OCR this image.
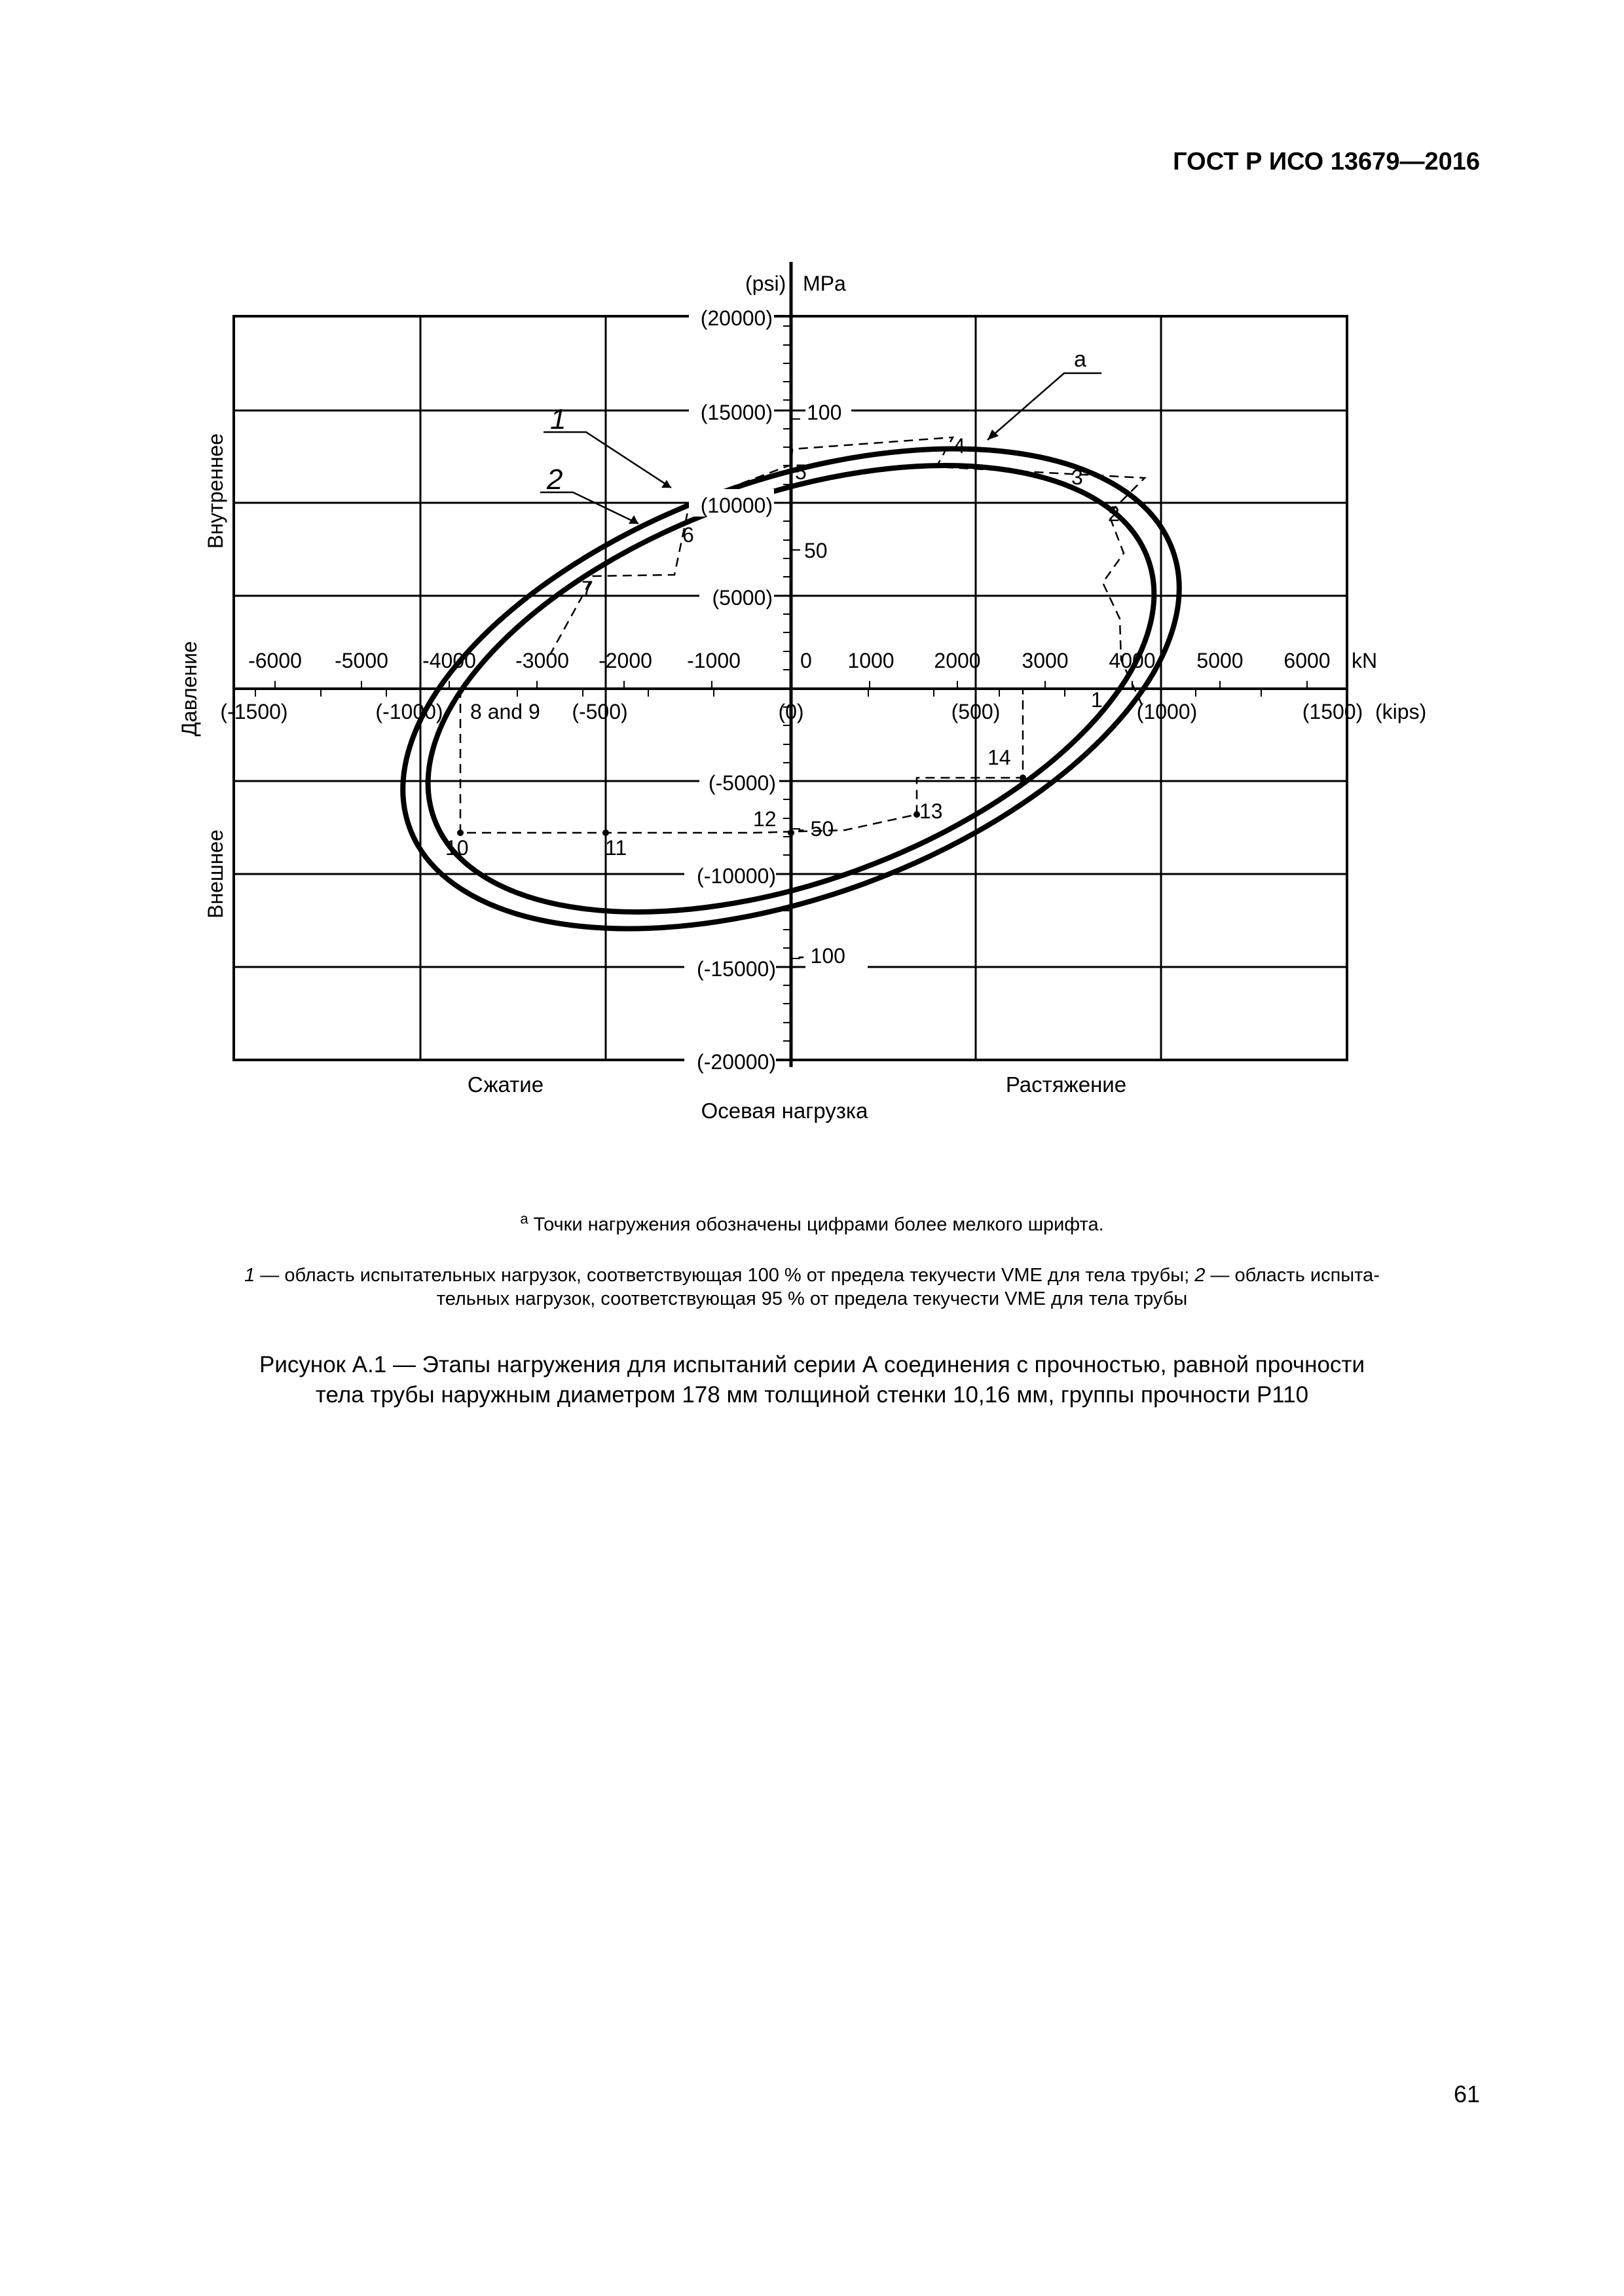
ГОСТ Р ИСО 13679—2016
(psi) MPa
(20000)
(15000)
(10000)
(5000)
(-5000)
(-10000)
(-15000)
(-20000)
100
50
0
- 50
- 100
-6000 -5000 -4000 -3000 -2000 -1000	1000 2000 3000 4000 5000 6000 kN
(-1500)	(-1000)	(-500)	(0)	(500)	(1000)	(1500) (kips)
1
2
3
4
5
6
7
8 and 9
10	11
12	13
14
1
2
a
Внутреннее
Давление
Внешнее
Сжатие	Растяжение
Осевая нагрузка
$^a$ Точки нагружения обозначены цифрами более мелкого шрифта.
1 — область испытательных нагрузок, соответствующая 100 % от предела текучести VME для тела трубы; 2 — область испыта-
тельных нагрузок, соответствующая 95 % от предела текучести VME для тела трубы
Рисунок А.1 — Этапы нагружения для испытаний серии А соединения с прочностью, равной прочности
тела трубы наружным диаметром 178 мм толщиной стенки 10,16 мм, группы прочности Р110
61
